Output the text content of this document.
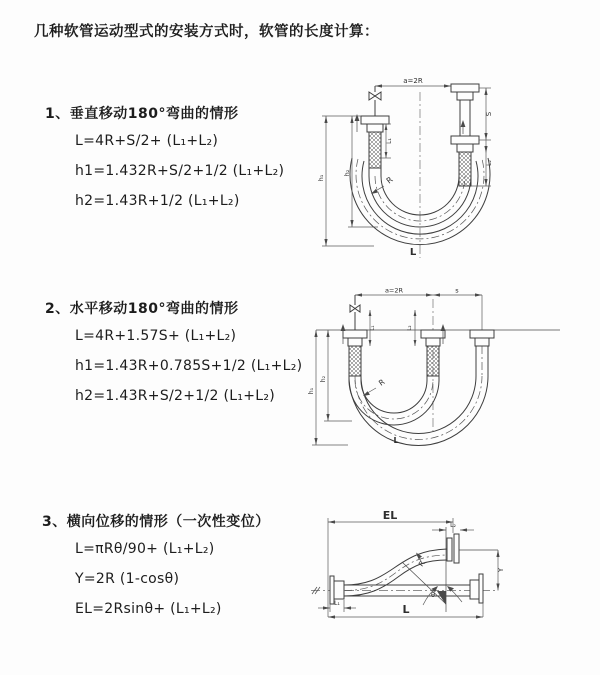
几种软管运动型式的安装方式时，软管的长度计算：
1、垂直移动180°弯曲的情形
L=4R+S/2+ (L₁+L₂)
h1=1.432R+S/2+1/2 (L₁+L₂)
h2=1.43R+1/2 (L₁+L₂)
2、水平移动180°弯曲的情形
L=4R+1.57S+ (L₁+L₂)
h1=1.43R+0.785S+1/2 (L₁+L₂)
h2=1.43R+S/2+1/2 (L₁+L₂)
3、横向位移的情形（一次性变位）
L=πRθ/90+ (L₁+L₂)
Y=2R (1-cosθ)
EL=2Rsinθ+ (L₁+L₂)
a=2R
h₁
h₂
L₁
S
L₂
R
L
a=2R	s
h₁
h₂
L₁	L₂
R
L
EL
L₂
Y
R
θ
L
L₁
